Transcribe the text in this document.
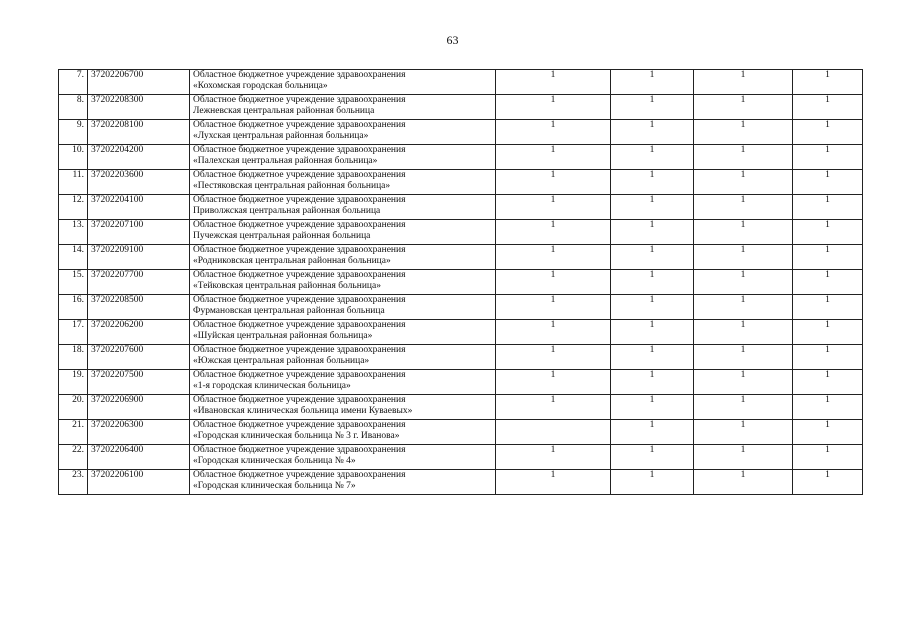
63
7.	37202206700	Областное бюджетное учреждение здравоохранения
«Кохомская городская больница»	1	1	1	1
8.	37202208300	Областное бюджетное учреждение здравоохранения
Лежневская центральная районная больница	1	1	1	1
9.	37202208100	Областное бюджетное учреждение здравоохранения
«Лухская центральная районная больница»	1	1	1	1
10.	37202204200	Областное бюджетное учреждение здравоохранения
«Палехская центральная районная больница»	1	1	1	1
11.	37202203600	Областное бюджетное учреждение здравоохранения
«Пестяковская центральная районная больница»	1	1	1	1
12.	37202204100	Областное бюджетное учреждение здравоохранения
Приволжская центральная районная больница	1	1	1	1
13.	37202207100	Областное бюджетное учреждение здравоохранения
Пучежская центральная районная больница	1	1	1	1
14.	37202209100	Областное бюджетное учреждение здравоохранения
«Родниковская центральная районная больница»	1	1	1	1
15.	37202207700	Областное бюджетное учреждение здравоохранения
«Тейковская центральная районная больница»	1	1	1	1
16.	37202208500	Областное бюджетное учреждение здравоохранения
Фурмановская центральная районная больница	1	1	1	1
17.	37202206200	Областное бюджетное учреждение здравоохранения
«Шуйская центральная районная больница»	1	1	1	1
18.	37202207600	Областное бюджетное учреждение здравоохранения
«Южская центральная районная больница»	1	1	1	1
19.	37202207500	Областное бюджетное учреждение здравоохранения
«1-я городская клиническая больница»	1	1	1	1
20.	37202206900	Областное бюджетное учреждение здравоохранения
«Ивановская клиническая больница имени Куваевых»	1	1	1	1
21.	37202206300	Областное бюджетное учреждение здравоохранения
«Городская клиническая больница № 3 г. Иванова»		1	1	1
22.	37202206400	Областное бюджетное учреждение здравоохранения
«Городская клиническая больница № 4»	1	1	1	1
23.	37202206100	Областное бюджетное учреждение здравоохранения
«Городская клиническая больница № 7»	1	1	1	1
